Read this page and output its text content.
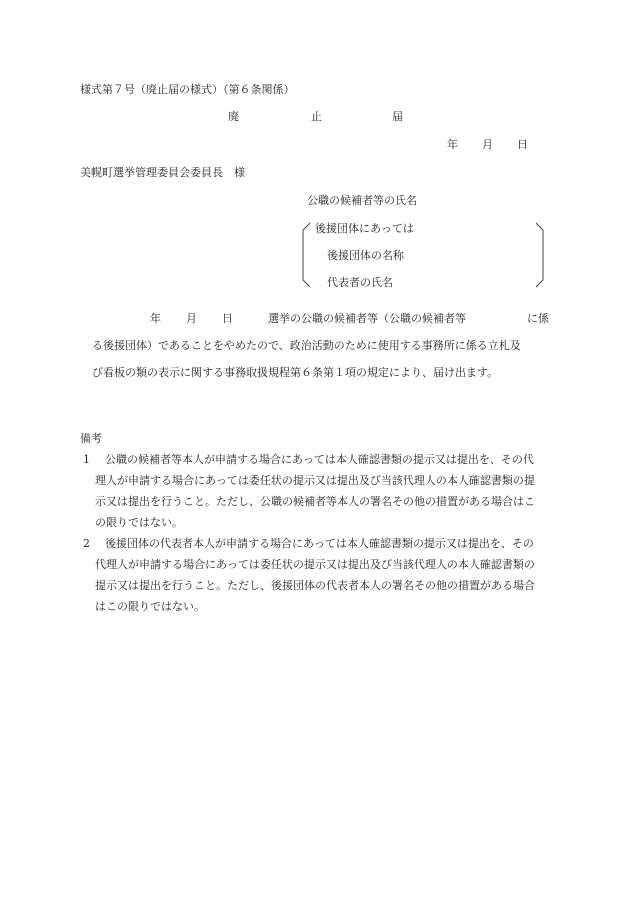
様式第７号（廃止届の様式）（第６条関係）
廃	止	届
年 月 日
美幌町選挙管理委員会委員長　様
公職の候補者等の氏名
後援団体にあっては
後援団体の名称
代表者の氏名
年 月 日	選挙の公職の候補者等（公職の候補者等	に係
る後援団体）であることをやめたので、政治活動のために使用する事務所に係る立札及
び看板の類の表示に関する事務取扱規程第６条第１項の規定により、届け出ます。
備考
1	公職の候補者等本人が申請する場合にあっては本人確認書類の提示又は提出を、その代理人が申請する場合にあっては委任状の提示又は提出及び当該代理人の本人確認書類の提示又は提出を行うこと。ただし、公職の候補者等本人の署名その他の措置がある場合はこの限りではない。
2	後援団体の代表者本人が申請する場合にあっては本人確認書類の提示又は提出を、その代理人が申請する場合にあっては委任状の提示又は提出及び当該代理人の本人確認書類の提示又は提出を行うこと。ただし、後援団体の代表者本人の署名その他の措置がある場合はこの限りではない。
